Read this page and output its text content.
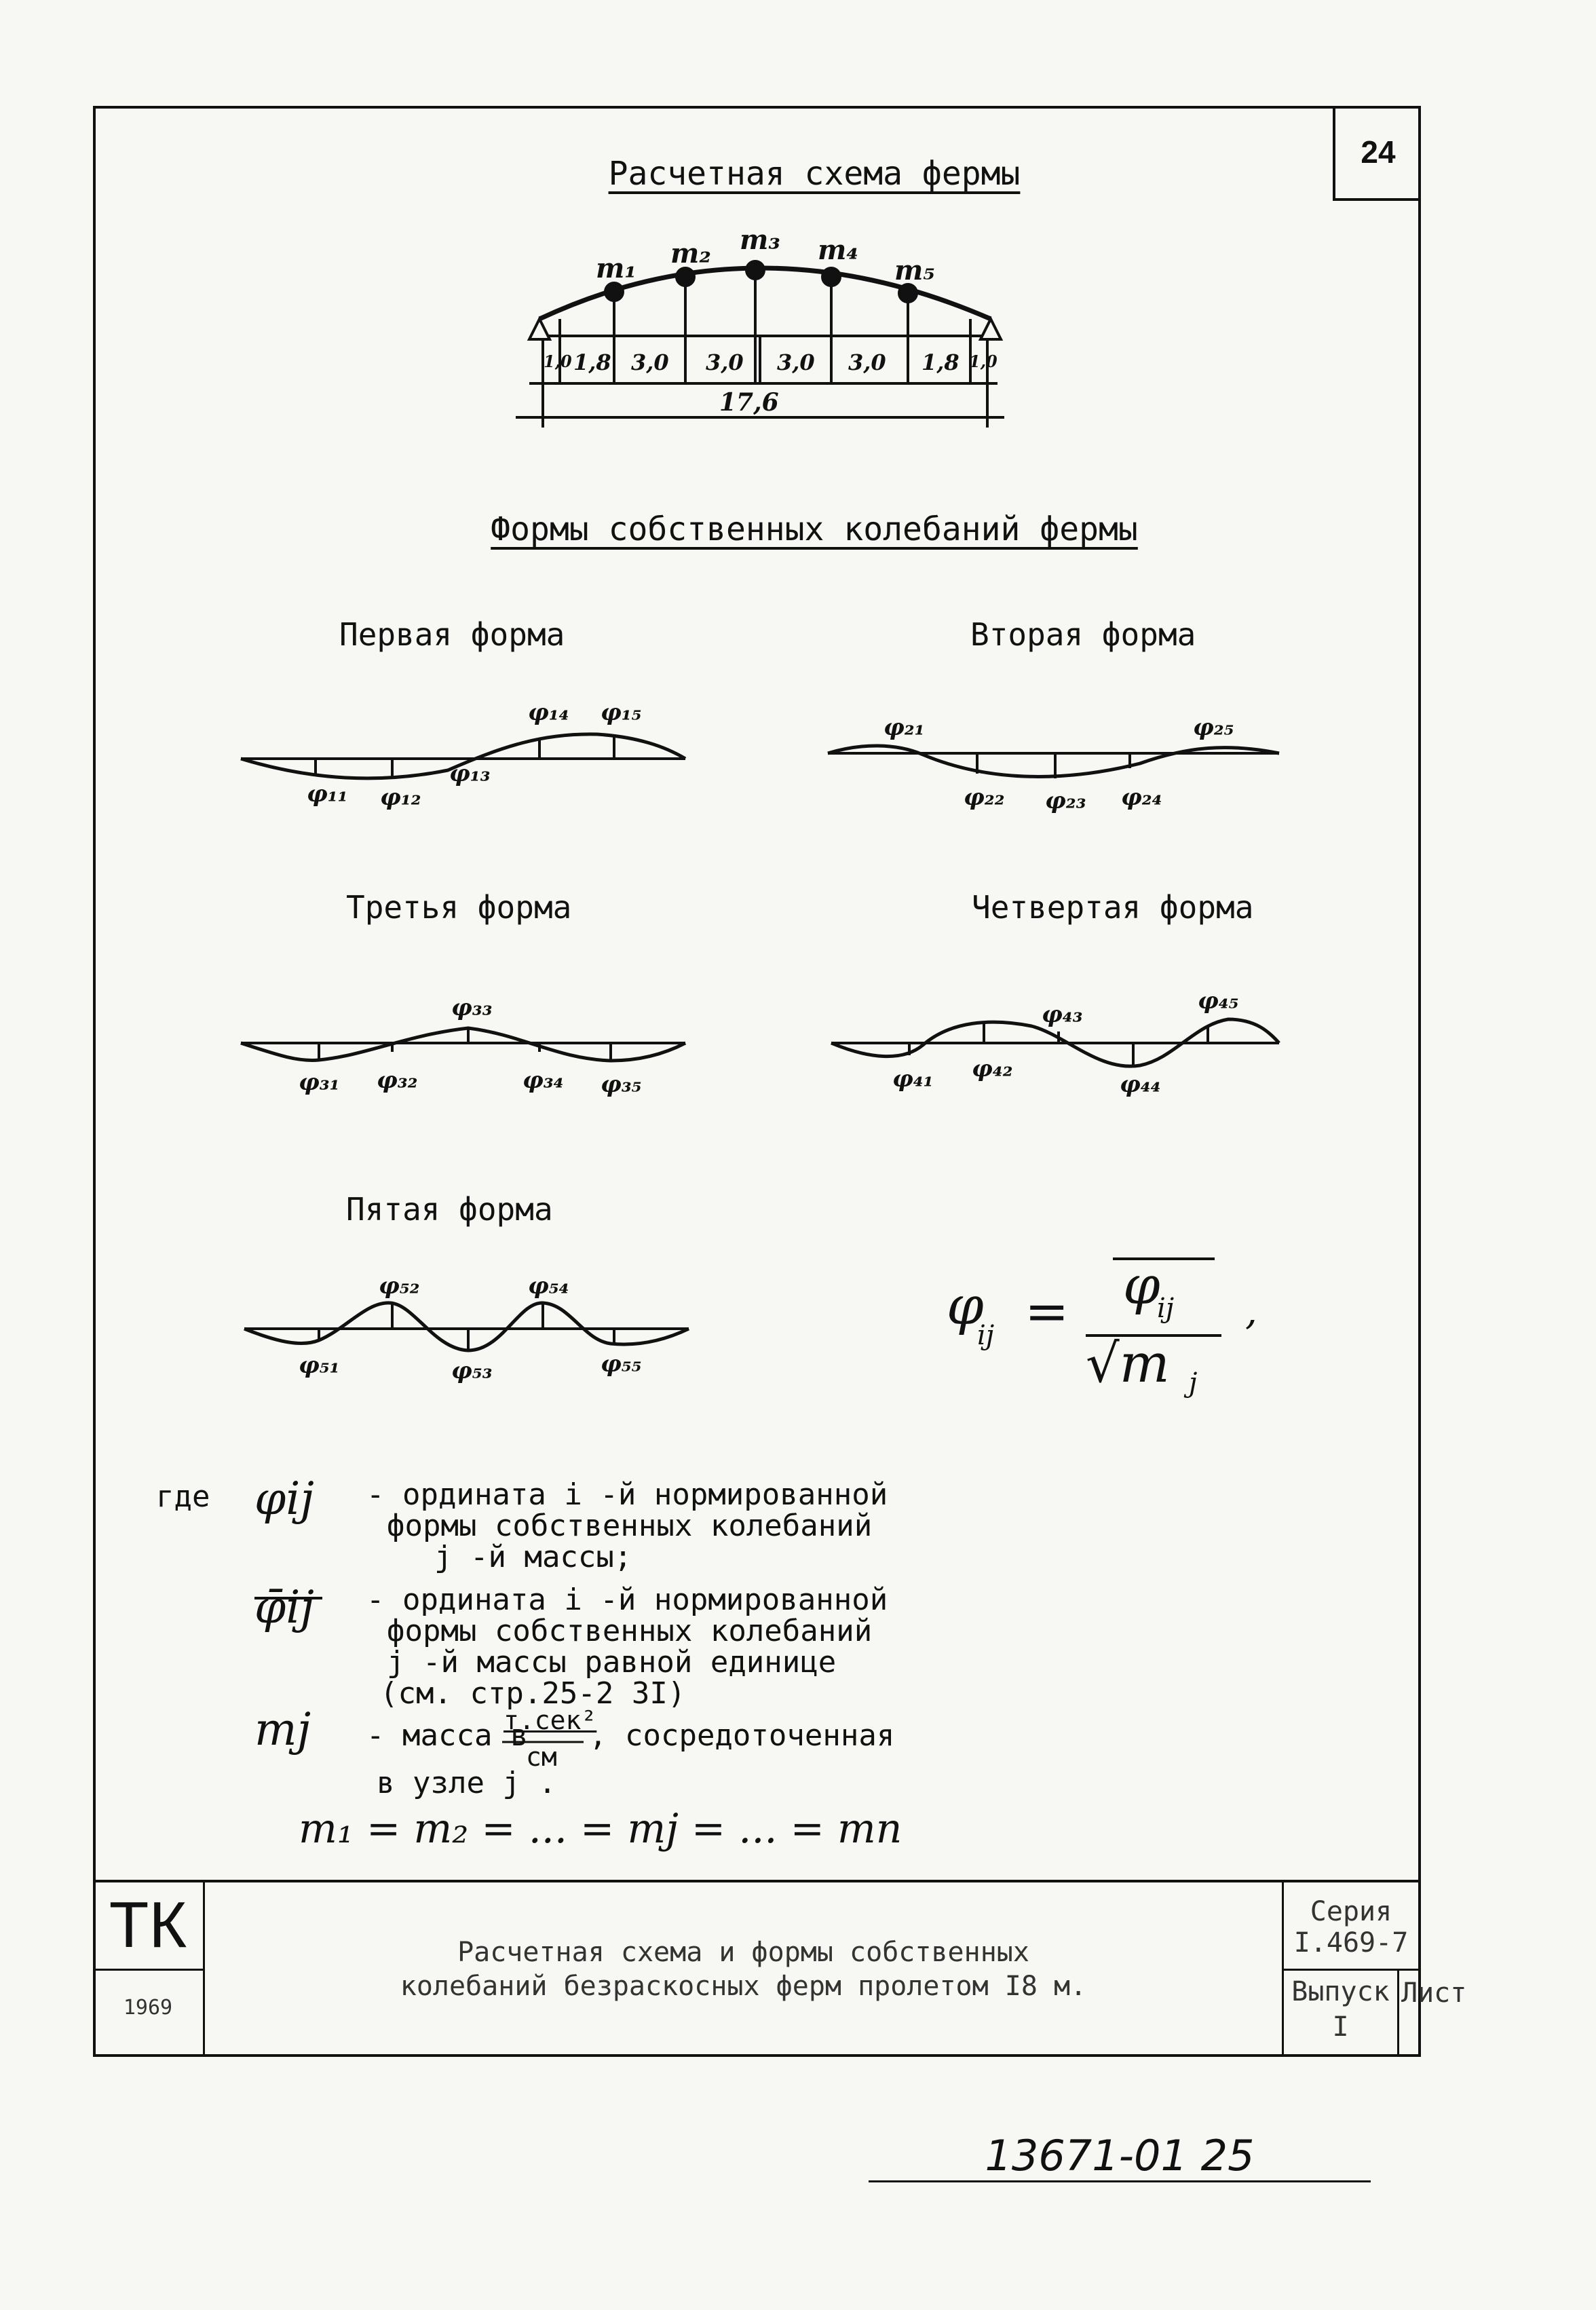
24
Расчетная схема фермы
m₁ m₂ m₃ m₄
m₅
1,0 1,8 3,0 3,0 3,0 3,0 1,8 1,0
17,6
Формы собственных колебаний фермы
Первая форма	Вторая форма
Третья форма	Четвертая форма
Пятая форма
φ₁₁ φ₁₂
φ₁₃
φ₁₄ φ₁₅
φ₂₁
φ₂₂ φ₂₃ φ₂₄
φ₂₅
φ₃₁ φ₃₂
φ₃₃
φ₃₄ φ₃₅	φ₄₁ φ₄₂
φ₄₃
φ₄₄
φ₄₅
φ₅₁
φ₅₂
φ₅₃
φ₅₄
φ₅₅
φ
ij = φ
ij
√m j
,
где φij - ордината i -й нормированной
формы собственных колебаний
j -й массы;
φ̄ij - ордината i -й нормированной
формы собственных колебаний
j -й массы равной единице
(см. стр.25-2 3I)
mj - масса в
т.сек²
см
, сосредоточенная
в узле j .
m₁ = m₂ = ... = mj = ... = mn
ТК
1969
Расчетная схема и формы собственных
колебаний безраскосных ферм пролетом I8 м.
Серия
I.469-7
Выпуск
I
Лист
13671-01 25
